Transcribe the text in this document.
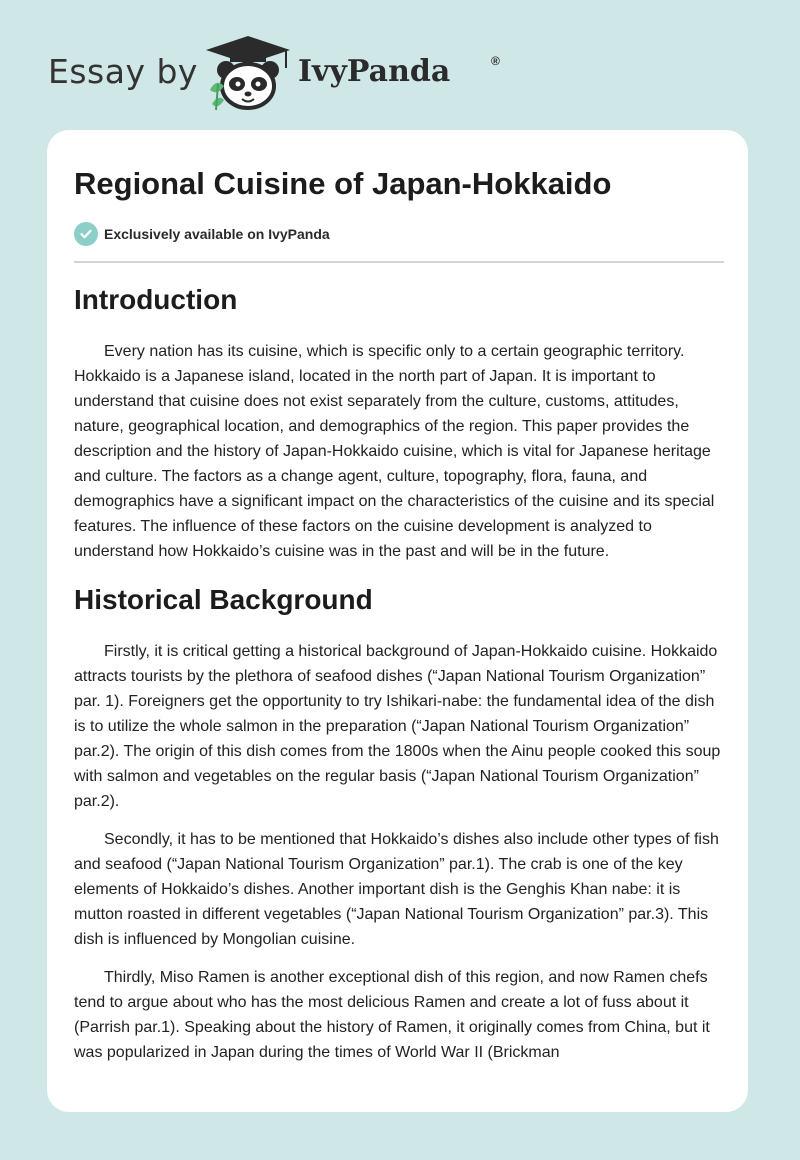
Essay by	IvyPanda	®
Regional Cuisine of Japan-Hokkaido
Exclusively available on IvyPanda
Introduction

Every nation has its cuisine, which is specific only to a certain geographic territory. Hokkaido is a Japanese island, located in the north part of Japan. It is important to understand that cuisine does not exist separately from the culture, customs, attitudes, nature, geographical location, and demographics of the region. This paper provides the description and the history of Japan-Hokkaido cuisine, which is vital for Japanese heritage and culture. The factors as a change agent, culture, topography, flora, fauna, and demographics have a significant impact on the characteristics of the cuisine and its special features. The influence of these factors on the cuisine development is analyzed to understand how Hokkaido’s cuisine was in the past and will be in the future.

Historical Background

Firstly, it is critical getting a historical background of Japan-Hokkaido cuisine. Hokkaido attracts tourists by the plethora of seafood dishes (“Japan National Tourism Organization” par. 1). Foreigners get the opportunity to try Ishikari-nabe: the fundamental idea of the dish is to utilize the whole salmon in the preparation (“Japan National Tourism Organization” par.2). The origin of this dish comes from the 1800s when the Ainu people cooked this soup with salmon and vegetables on the regular basis (“Japan National Tourism Organization” par.2).

Secondly, it has to be mentioned that Hokkaido’s dishes also include other types of fish and seafood (“Japan National Tourism Organization” par.1). The crab is one of the key elements of Hokkaido’s dishes. Another important dish is the Genghis Khan nabe: it is mutton roasted in different vegetables (“Japan National Tourism Organization” par.3). This dish is influenced by Mongolian cuisine.

Thirdly, Miso Ramen is another exceptional dish of this region, and now Ramen chefs tend to argue about who has the most delicious Ramen and create a lot of fuss about it (Parrish par.1). Speaking about the history of Ramen, it originally comes from China, but it was popularized in Japan during the times of World War II (Brickman
